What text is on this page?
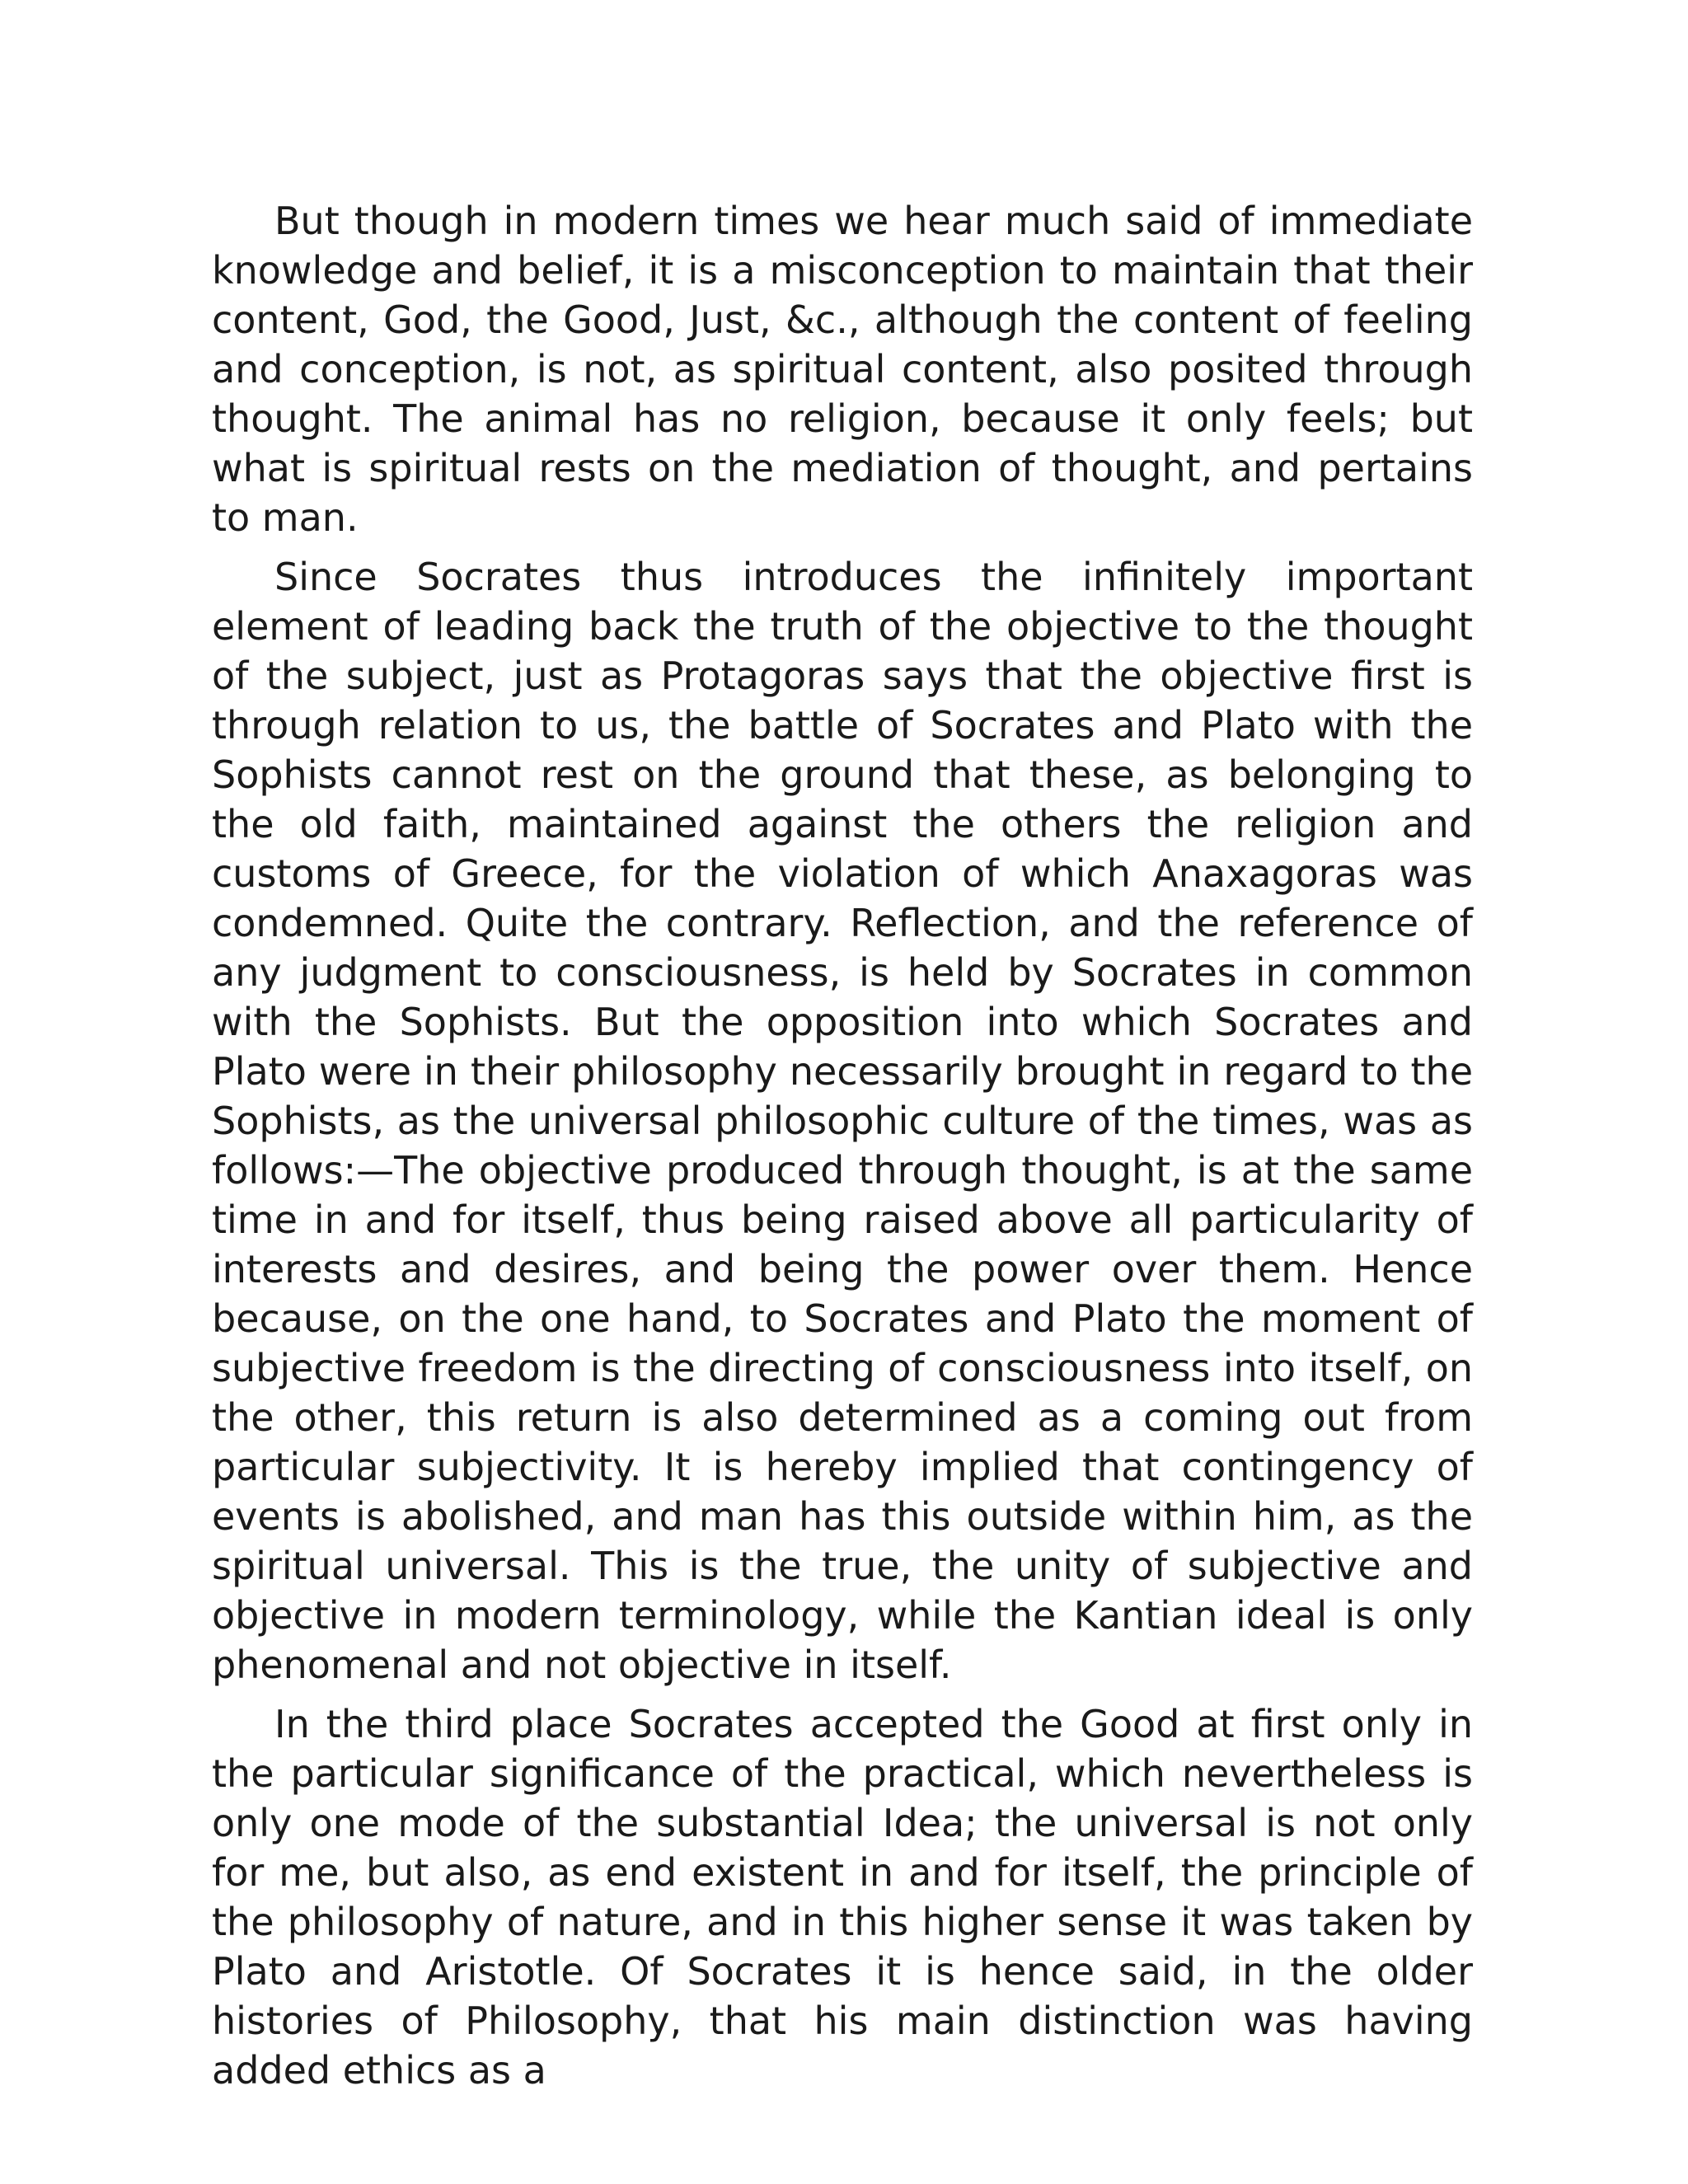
But though in modern times we hear much said of immediate knowledge and belief, it is a misconception to maintain that their content, God, the Good, Just, &c., although the content of feeling and conception, is not, as spiritual content, also posited through thought. The animal has no religion, because it only feels; but what is spiritual rests on the mediation of thought, and pertains to man.

Since Socrates thus introduces the infinitely important element of leading back the truth of the objective to the thought of the subject, just as Protagoras says that the objective first is through relation to us, the battle of Socrates and Plato with the Sophists cannot rest on the ground that these, as belonging to the old faith, maintained against the others the religion and customs of Greece, for the violation of which Anaxagoras was condemned. Quite the contrary. Reflection, and the reference of any judgment to consciousness, is held by Socrates in common with the Sophists. But the opposition into which Socrates and Plato were in their philosophy necessarily brought in regard to the Sophists, as the universal philosophic culture of the times, was as follows:—The objective produced through thought, is at the same time in and for itself, thus being raised above all particularity of interests and desires, and being the power over them. Hence because, on the one hand, to Socrates and Plato the moment of subjective freedom is the directing of consciousness into itself, on the other, this return is also determined as a coming out from particular subjectivity. It is hereby implied that contingency of events is abolished, and man has this outside within him, as the spiritual universal. This is the true, the unity of subjective and objective in modern terminology, while the Kantian ideal is only phenomenal and not objective in itself.

In the third place Socrates accepted the Good at first only in the particular significance of the practical, which nevertheless is only one mode of the substantial Idea; the universal is not only for me, but also, as end existent in and for itself, the principle of the philosophy of nature, and in this higher sense it was taken by Plato and Aristotle. Of Socrates it is hence said, in the older histories of Philosophy, that his main distinction was having added ethics as a
